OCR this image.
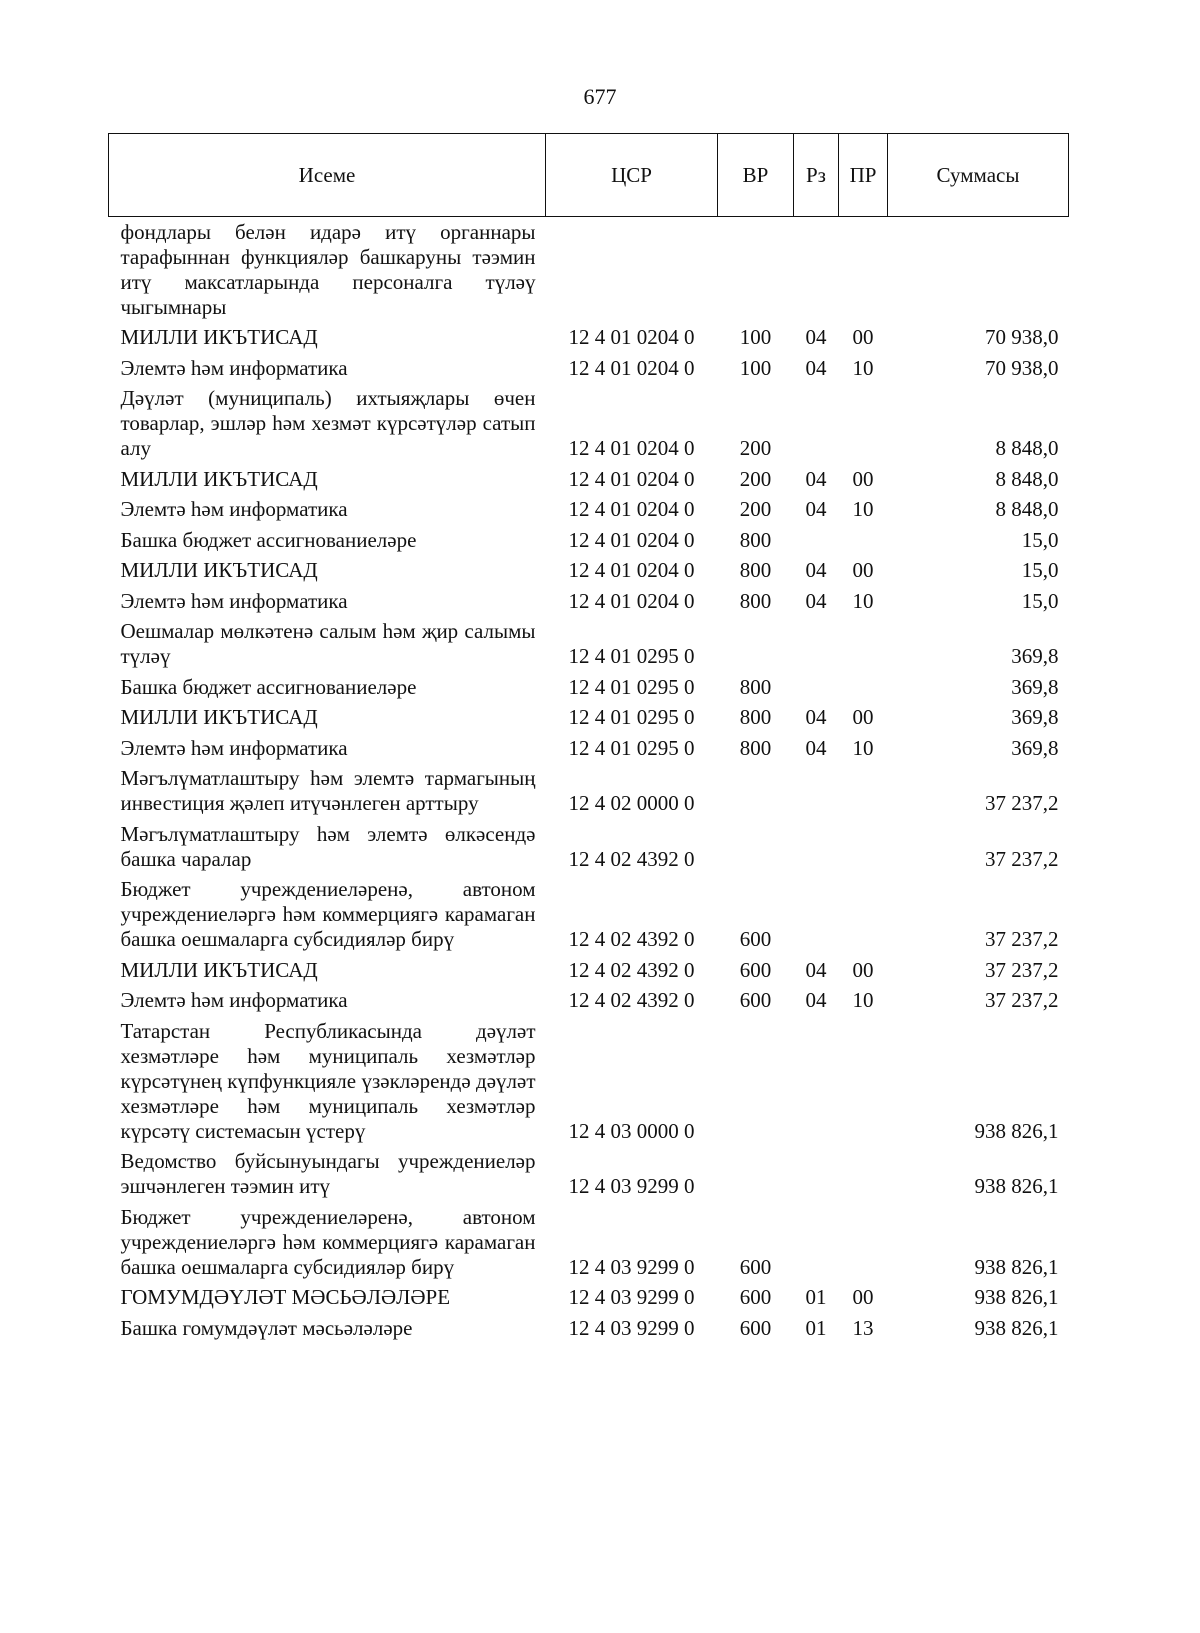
677
Исеме	ЦСР	ВР	Рз	ПР	Суммасы
фондлары белән идарә итү органнары тарафыннан функцияләр башкаруны тәэмин итү максатларында персоналга түләү чыгымнары					
МИЛЛИ ИКЪТИСАД	12 4 01 0204 0	100	04	00	70 938,0
Элемтә һәм информатика	12 4 01 0204 0	100	04	10	70 938,0
Дәүләт (муниципаль) ихтыяҗлары өчен товарлар, эшләр һәм хезмәт күрсәтүләр сатып алу	12 4 01 0204 0	200			8 848,0
МИЛЛИ ИКЪТИСАД	12 4 01 0204 0	200	04	00	8 848,0
Элемтә һәм информатика	12 4 01 0204 0	200	04	10	8 848,0
Башка бюджет ассигнованиеләре	12 4 01 0204 0	800			15,0
МИЛЛИ ИКЪТИСАД	12 4 01 0204 0	800	04	00	15,0
Элемтә һәм информатика	12 4 01 0204 0	800	04	10	15,0
Оешмалар мөлкәтенә салым һәм җир салымы түләү	12 4 01 0295 0				369,8
Башка бюджет ассигнованиеләре	12 4 01 0295 0	800			369,8
МИЛЛИ ИКЪТИСАД	12 4 01 0295 0	800	04	00	369,8
Элемтә һәм информатика	12 4 01 0295 0	800	04	10	369,8
Мәгълүматлаштыру һәм элемтә тармагының инвестиция җәлеп итүчәнлеген арттыру	12 4 02 0000 0				37 237,2
Мәгълүматлаштыру һәм элемтә өлкәсендә башка чаралар	12 4 02 4392 0				37 237,2
Бюджет учреждениеләренә, автоном учреждениеләргә һәм коммерциягә карамаган башка оешмаларга субсидияләр бирү	12 4 02 4392 0	600			37 237,2
МИЛЛИ ИКЪТИСАД	12 4 02 4392 0	600	04	00	37 237,2
Элемтә һәм информатика	12 4 02 4392 0	600	04	10	37 237,2
Татарстан Республикасында дәүләт хезмәтләре һәм муниципаль хезмәтләр күрсәтүнең күпфункцияле үзәкләрендә дәүләт хезмәтләре һәм муниципаль хезмәтләр күрсәтү системасын үстерү	12 4 03 0000 0				938 826,1
Ведомство буйсынуындагы учреждениеләр эшчәнлеген тәэмин итү	12 4 03 9299 0				938 826,1
Бюджет учреждениеләренә, автоном учреждениеләргә һәм коммерциягә карамаган башка оешмаларга субсидияләр бирү	12 4 03 9299 0	600			938 826,1
ГОМУМДӘҮЛӘТ МӘСЬӘЛӘЛӘРЕ	12 4 03 9299 0	600	01	00	938 826,1
Башка гомумдәүләт мәсьәләләре	12 4 03 9299 0	600	01	13	938 826,1
